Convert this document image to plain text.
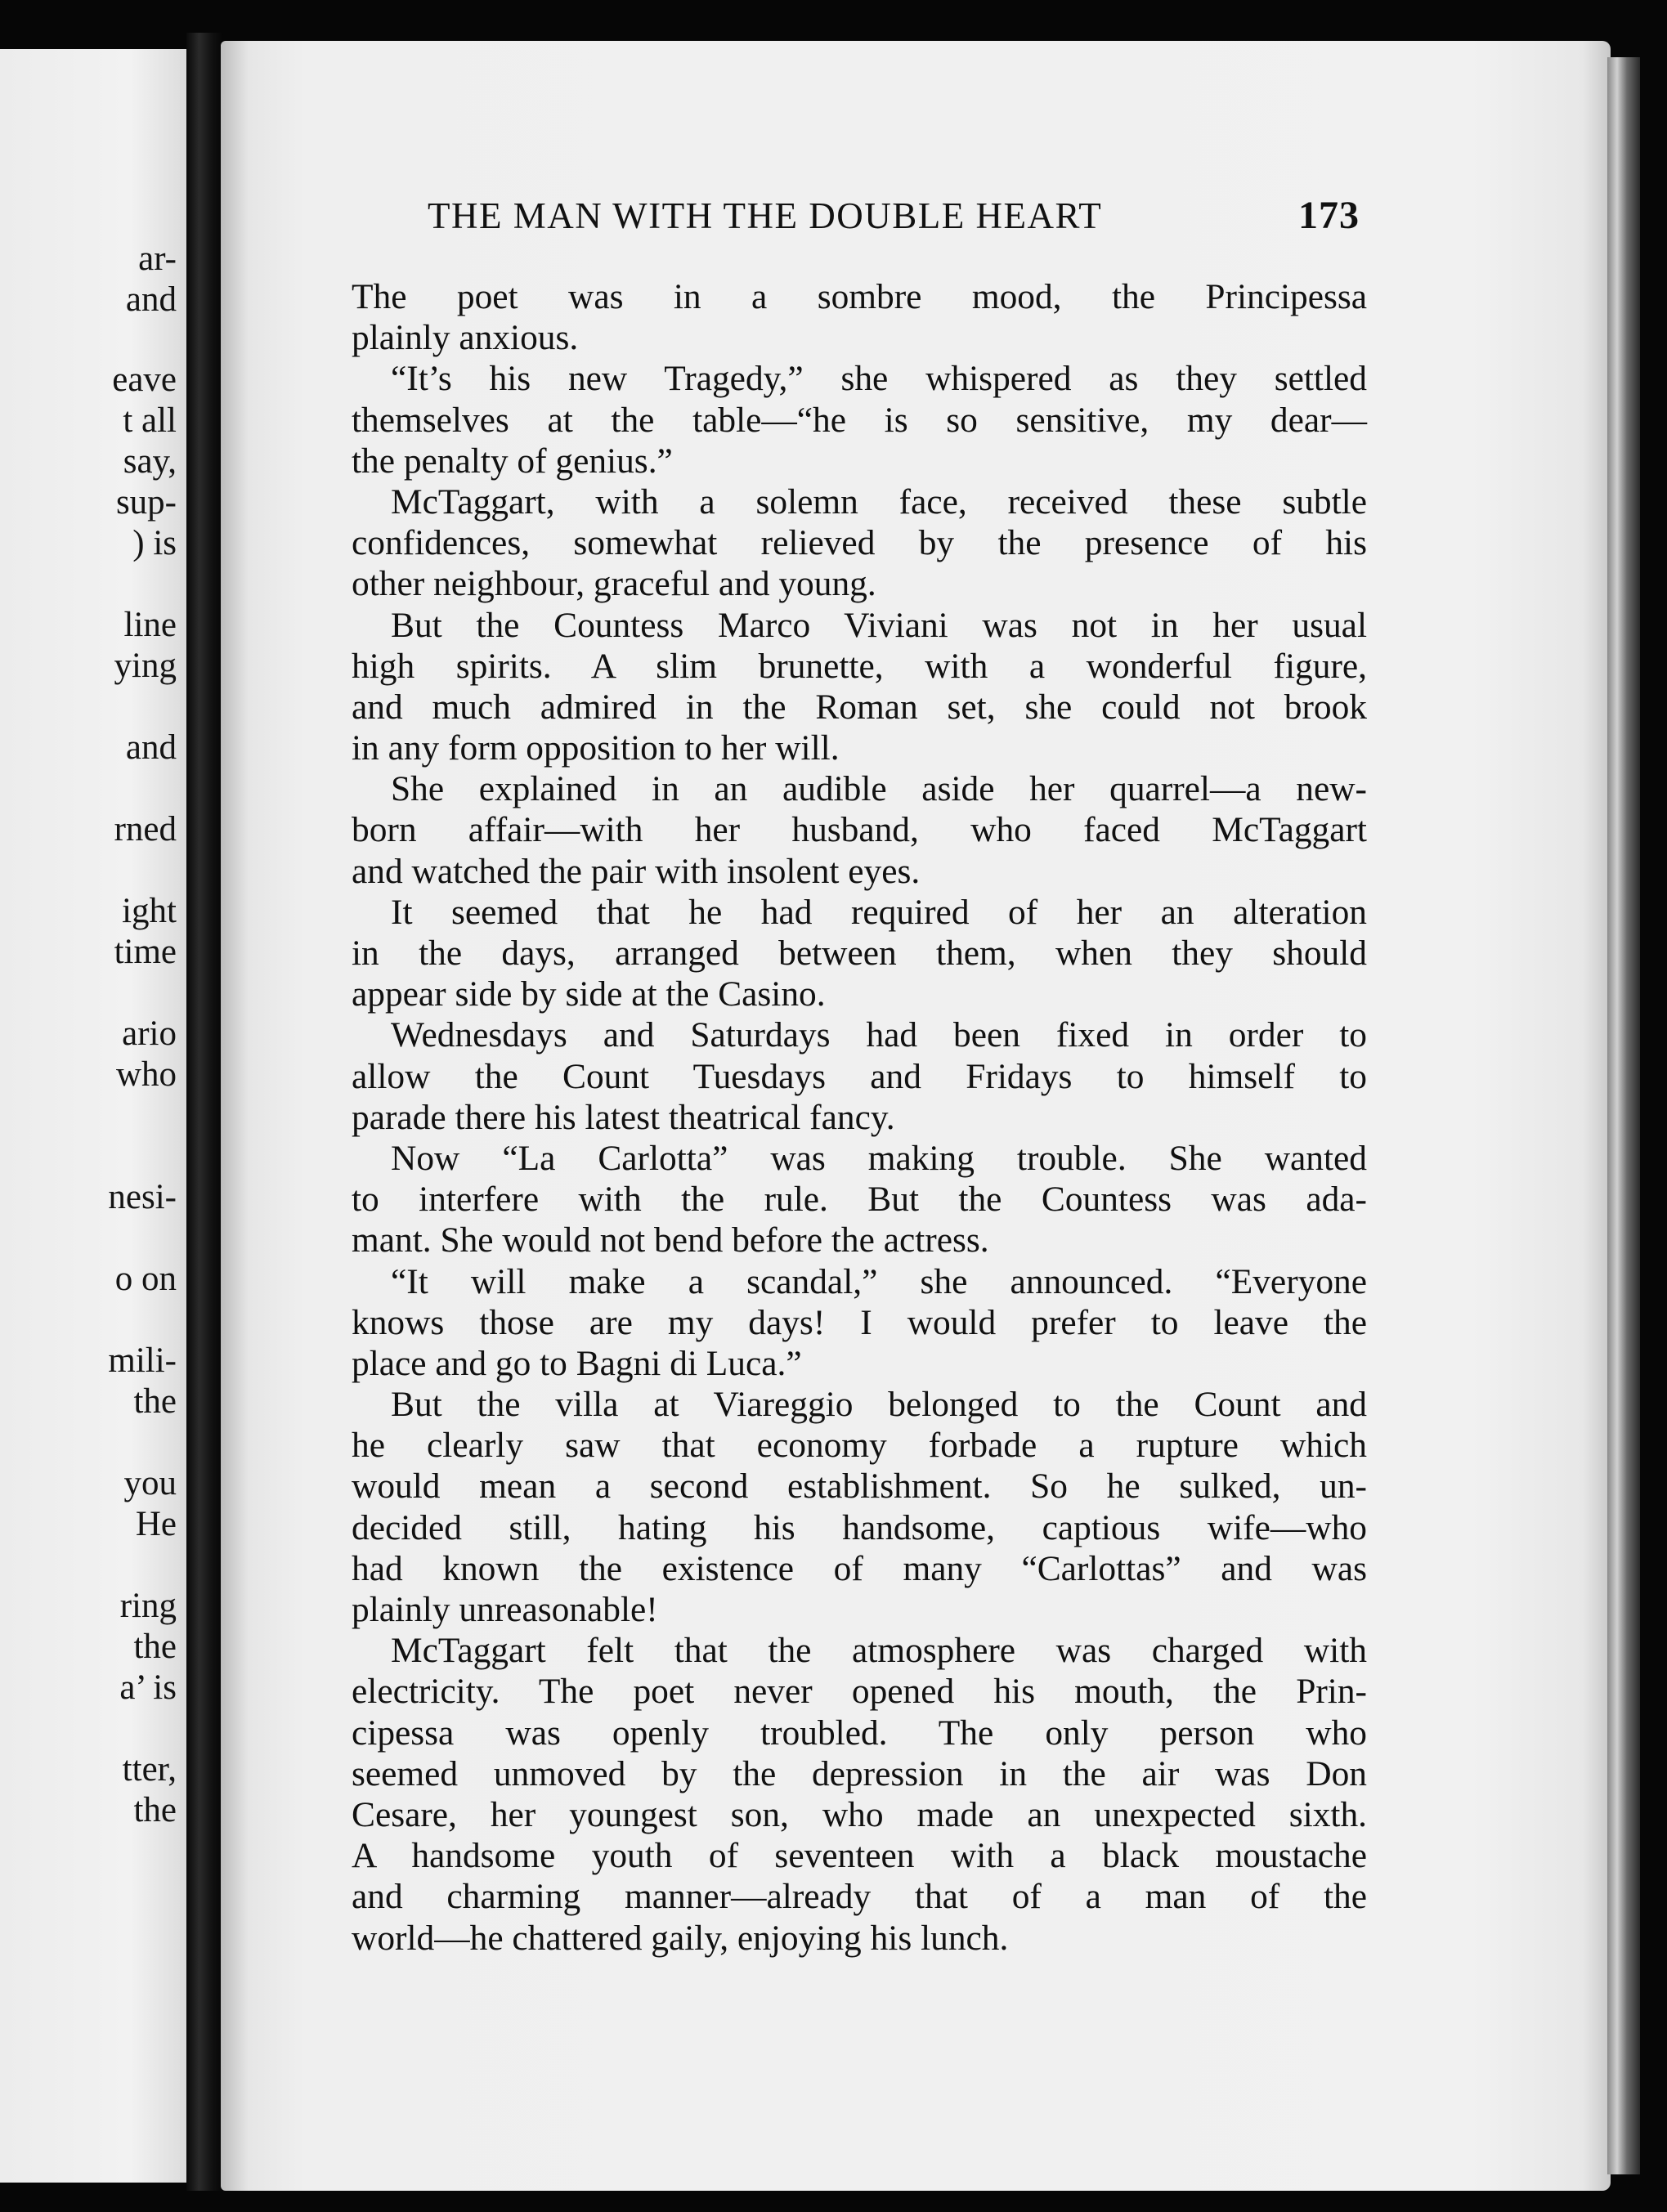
ar-
and
eave
t all
say,
sup-
) is
line
ying
and
rned
ight
time
ario
who
nesi-
o on
mili-
the
you
He
ring
the
a’ is
tter,
the
THE MAN WITH THE DOUBLE HEART	173
The poet was in a sombre mood, the Principessa
plainly anxious.
“It’s his new Tragedy,” she whispered as they settled
themselves at the table—“he is so sensitive, my dear—
the penalty of genius.”
McTaggart, with a solemn face, received these subtle
confidences, somewhat relieved by the presence of his
other neighbour, graceful and young.
But the Countess Marco Viviani was not in her usual
high spirits. A slim brunette, with a wonderful figure,
and much admired in the Roman set, she could not brook
in any form opposition to her will.
She explained in an audible aside her quarrel—a new-
born affair—with her husband, who faced McTaggart
and watched the pair with insolent eyes.
It seemed that he had required of her an alteration
in the days, arranged between them, when they should
appear side by side at the Casino.
Wednesdays and Saturdays had been fixed in order to
allow the Count Tuesdays and Fridays to himself to
parade there his latest theatrical fancy.
Now “La Carlotta” was making trouble. She wanted
to interfere with the rule. But the Countess was ada-
mant. She would not bend before the actress.
“It will make a scandal,” she announced. “Everyone
knows those are my days! I would prefer to leave the
place and go to Bagni di Luca.”
But the villa at Viareggio belonged to the Count and
he clearly saw that economy forbade a rupture which
would mean a second establishment. So he sulked, un-
decided still, hating his handsome, captious wife—who
had known the existence of many “Carlottas” and was
plainly unreasonable!
McTaggart felt that the atmosphere was charged with
electricity. The poet never opened his mouth, the Prin-
cipessa was openly troubled. The only person who
seemed unmoved by the depression in the air was Don
Cesare, her youngest son, who made an unexpected sixth.
A handsome youth of seventeen with a black moustache
and charming manner—already that of a man of the
world—he chattered gaily, enjoying his lunch.
